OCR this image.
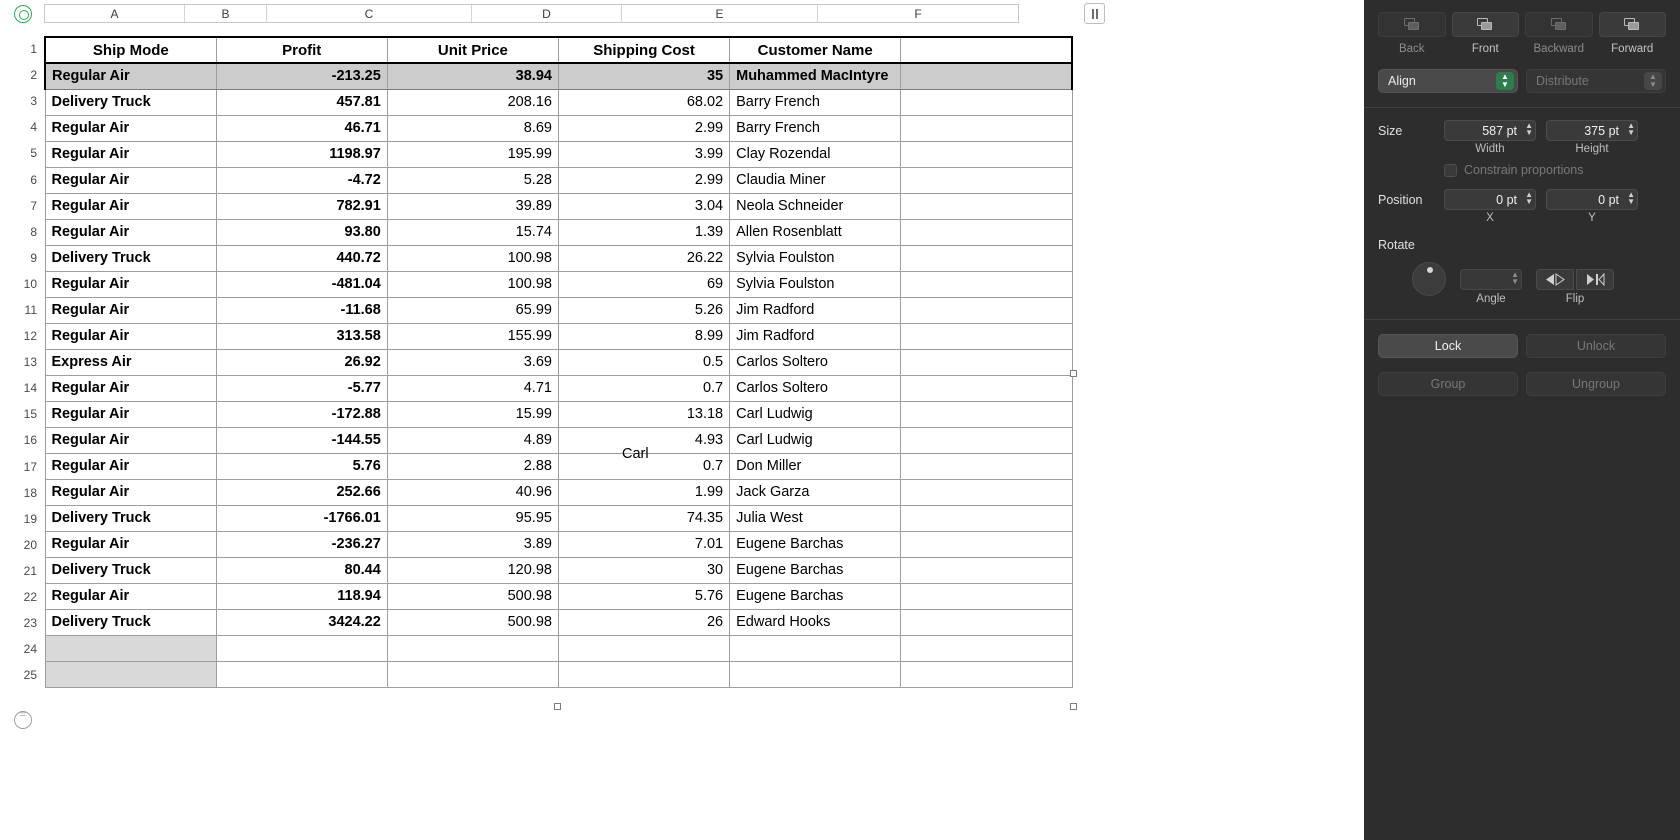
=
A	B	C	D	E	F
1
2
3
4
5
6
7
8
9
10
11
12
13
14
15
16
17
18
19
20
21
22
23
24
25
Ship Mode	Profit	Unit Price	Shipping Cost	Customer Name	
Regular Air	-213.25	38.94	35	Muhammed MacIntyre	
Delivery Truck	457.81	208.16	68.02	Barry French	
Regular Air	46.71	8.69	2.99	Barry French	
Regular Air	1198.97	195.99	3.99	Clay Rozendal	
Regular Air	-4.72	5.28	2.99	Claudia Miner	
Regular Air	782.91	39.89	3.04	Neola Schneider	
Regular Air	93.80	15.74	1.39	Allen Rosenblatt	
Delivery Truck	440.72	100.98	26.22	Sylvia Foulston	
Regular Air	-481.04	100.98	69	Sylvia Foulston	
Regular Air	-11.68	65.99	5.26	Jim Radford	
Regular Air	313.58	155.99	8.99	Jim Radford	
Express Air	26.92	3.69	0.5	Carlos Soltero	
Regular Air	-5.77	4.71	0.7	Carlos Soltero	
Regular Air	-172.88	15.99	13.18	Carl Ludwig	
Regular Air	-144.55	4.89	4.93	Carl Ludwig	
Regular Air	5.76	2.88	0.7	Don Miller	
Regular Air	252.66	40.96	1.99	Jack Garza	
Delivery Truck	-1766.01	95.95	74.35	Julia West	
Regular Air	-236.27	3.89	7.01	Eugene Barchas	
Delivery Truck	80.44	120.98	30	Eugene Barchas	
Regular Air	118.94	500.98	5.76	Eugene Barchas	
Delivery Truck	3424.22	500.98	26	Edward Hooks	

Carl
Back	Front	Backward	Forward
Align	▲
▼	Distribute	▲
▼
Size	587 pt ▲
▼	375 pt ▲
▼
Width	Height
Constrain proportions
Position	0 pt ▲
▼	0 pt ▲
▼
X	Y
Rotate
▲
▼
Angle	Flip
Lock	Unlock
Group	Ungroup
